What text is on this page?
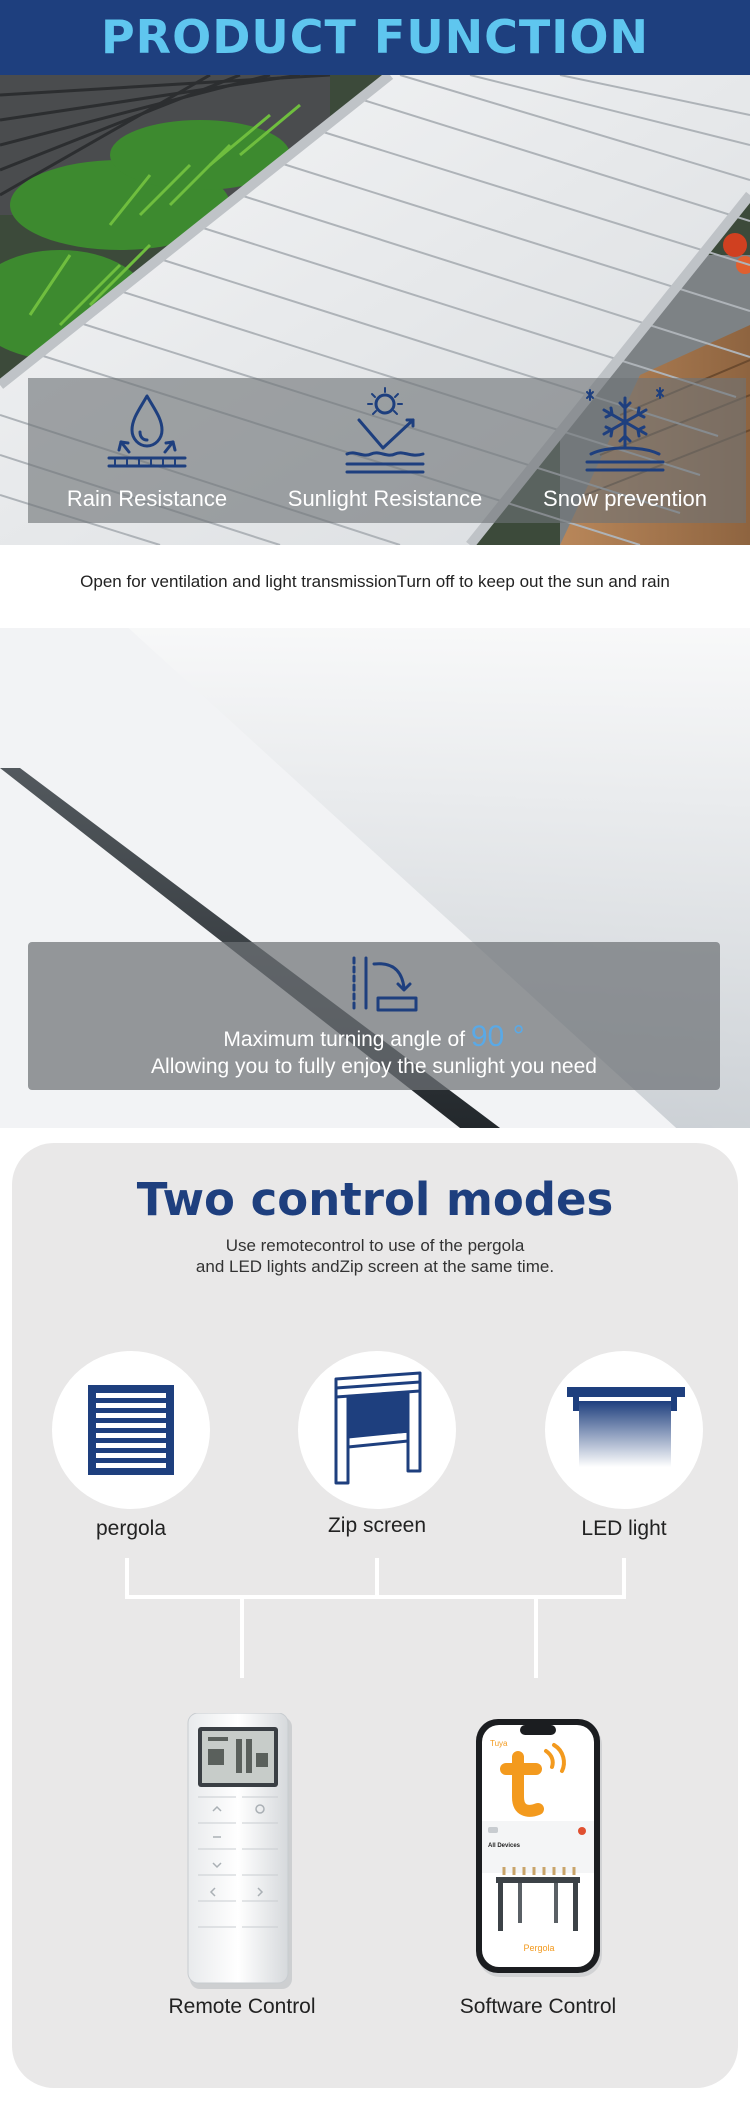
PRODUCT FUNCTION
Rain Resistance	Sunlight Resistance	Snow prevention
Open for ventilation and light transmissionTurn off to keep out the sun and rain
Maximum turning angle of 90 °
Allowing you to fully enjoy the sunlight you need
Two control modes
Use remotecontrol to use of the pergola
and LED lights andZip screen at the same time.
pergola	Zip screen	LED light
Remote Control
Tuya
All Devices
Pergola
Software Control
